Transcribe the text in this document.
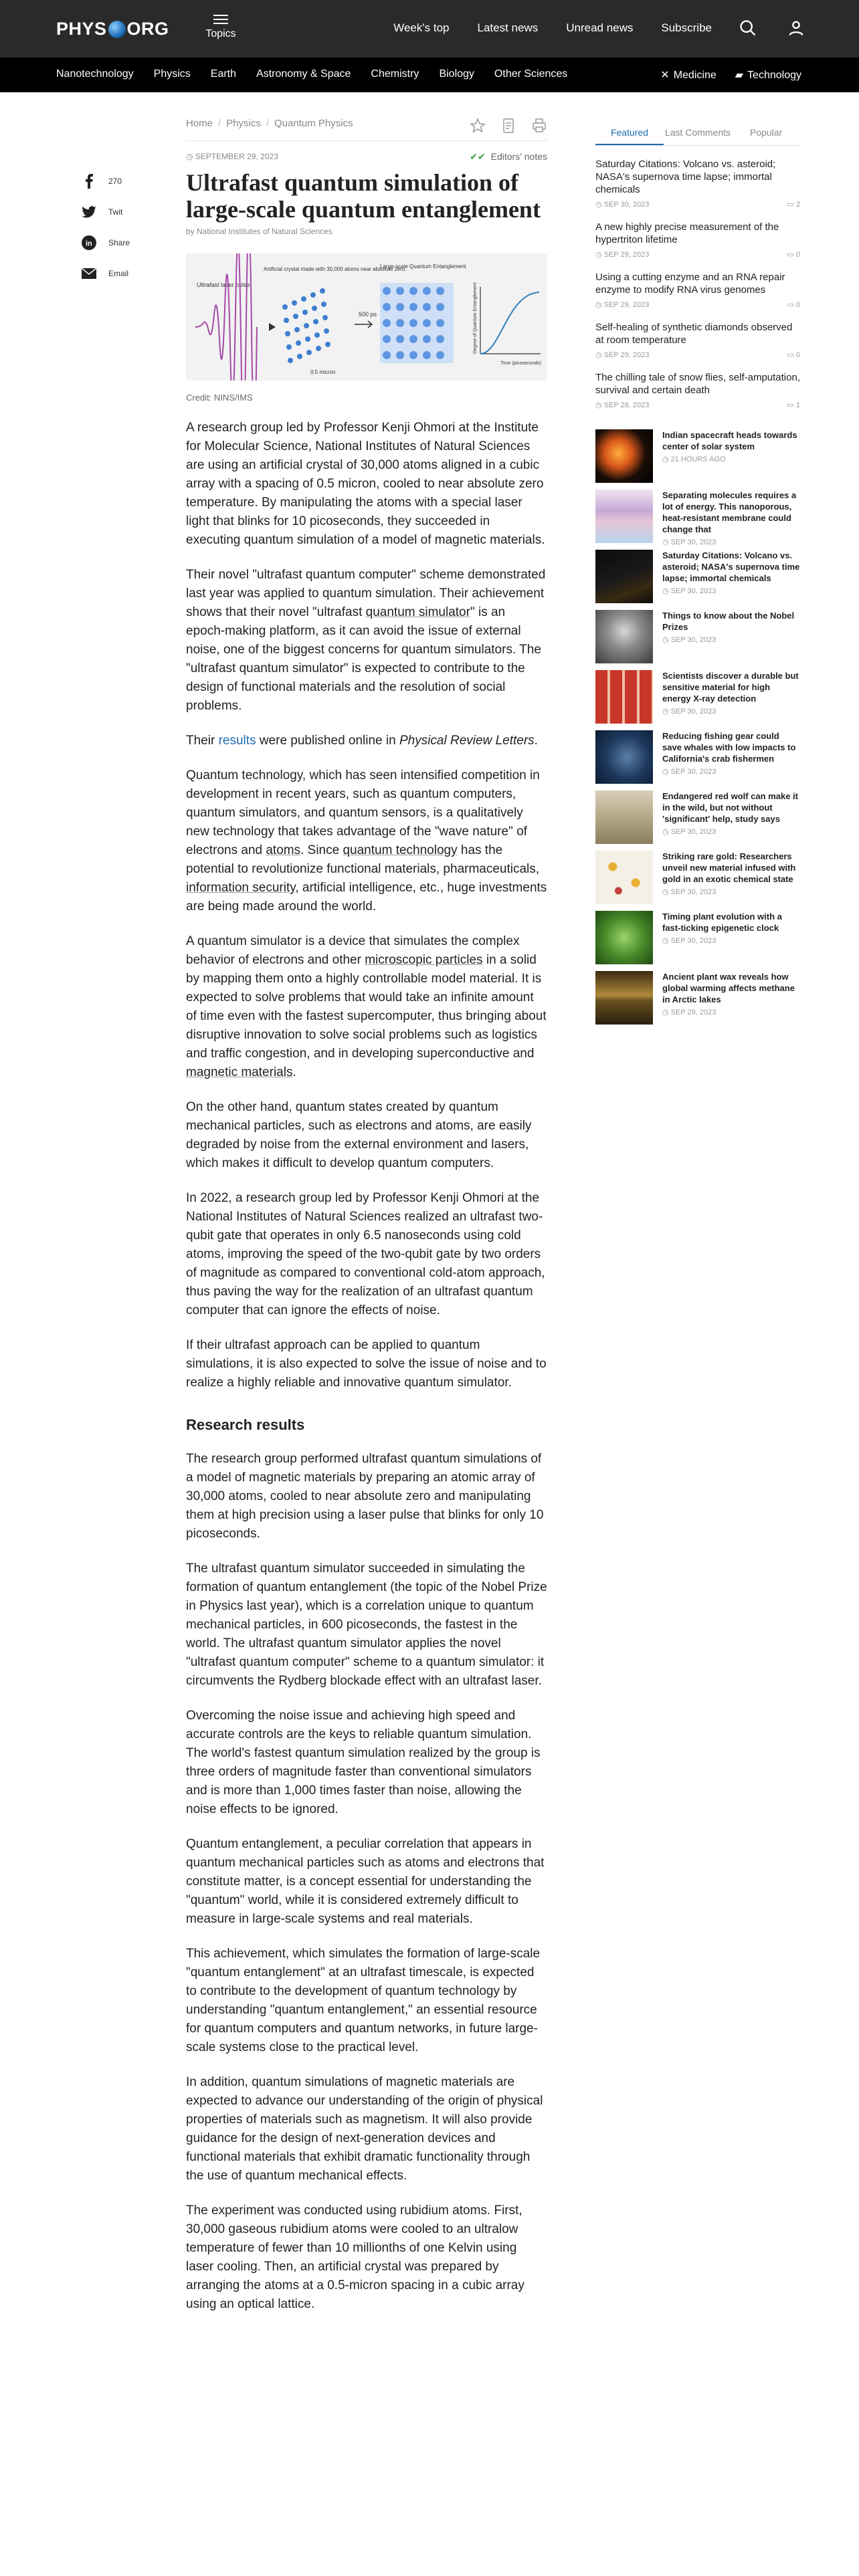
PHYS ORG	Topics	Week's top Latest news Unread news Subscribe
Nanotechnology Physics Earth Astronomy & Space Chemistry Biology Other Sciences	✕ Medicine ▰ Technology
270
Twit
in Share
Email
Home / Physics / Quantum Physics
◷ SEPTEMBER 29, 2023	✔✔ Editors' notes
Ultrafast quantum simulation of large-scale quantum entanglement
by National Institutes of Natural Sciences
Ultrafast laser pulse
Artificial crystal made with 30,000 atoms near absolute zero.
0.5 micron
500 ps
Large-scale Quantum Entanglement
Degree of Quantum Entanglement
Time (picoseconds)
Credit: NINS/IMS

A research group led by Professor Kenji Ohmori at the Institute for Molecular Science, National Institutes of Natural Sciences are using an artificial crystal of 30,000 atoms aligned in a cubic array with a spacing of 0.5 micron, cooled to near absolute zero temperature. By manipulating the atoms with a special laser light that blinks for 10 picoseconds, they succeeded in executing quantum simulation of a model of magnetic materials.

Their novel "ultrafast quantum computer" scheme demonstrated last year was applied to quantum simulation. Their achievement shows that their novel "ultrafast quantum simulator" is an epoch-making platform, as it can avoid the issue of external noise, one of the biggest concerns for quantum simulators. The "ultrafast quantum simulator" is expected to contribute to the design of functional materials and the resolution of social problems.

Their results were published online in Physical Review Letters.

Quantum technology, which has seen intensified competition in development in recent years, such as quantum computers, quantum simulators, and quantum sensors, is a qualitatively new technology that takes advantage of the "wave nature" of electrons and atoms. Since quantum technology has the potential to revolutionize functional materials, pharmaceuticals, information security, artificial intelligence, etc., huge investments are being made around the world.

A quantum simulator is a device that simulates the complex behavior of electrons and other microscopic particles in a solid by mapping them onto a highly controllable model material. It is expected to solve problems that would take an infinite amount of time even with the fastest supercomputer, thus bringing about disruptive innovation to solve social problems such as logistics and traffic congestion, and in developing superconductive and magnetic materials.

On the other hand, quantum states created by quantum mechanical particles, such as electrons and atoms, are easily degraded by noise from the external environment and lasers, which makes it difficult to develop quantum computers.

In 2022, a research group led by Professor Kenji Ohmori at the National Institutes of Natural Sciences realized an ultrafast two-qubit gate that operates in only 6.5 nanoseconds using cold atoms, improving the speed of the two-qubit gate by two orders of magnitude as compared to conventional cold-atom approach, thus paving the way for the realization of an ultrafast quantum computer that can ignore the effects of noise.

If their ultrafast approach can be applied to quantum simulations, it is also expected to solve the issue of noise and to realize a highly reliable and innovative quantum simulator.

Research results

The research group performed ultrafast quantum simulations of a model of magnetic materials by preparing an atomic array of 30,000 atoms, cooled to near absolute zero and manipulating them at high precision using a laser pulse that blinks for only 10 picoseconds.

The ultrafast quantum simulator succeeded in simulating the formation of quantum entanglement (the topic of the Nobel Prize in Physics last year), which is a correlation unique to quantum mechanical particles, in 600 picoseconds, the fastest in the world. The ultrafast quantum simulator applies the novel "ultrafast quantum computer" scheme to a quantum simulator: it circumvents the Rydberg blockade effect with an ultrafast laser.

Overcoming the noise issue and achieving high speed and accurate controls are the keys to reliable quantum simulation. The world's fastest quantum simulation realized by the group is three orders of magnitude faster than conventional simulators and is more than 1,000 times faster than noise, allowing the noise effects to be ignored.

Quantum entanglement, a peculiar correlation that appears in quantum mechanical particles such as atoms and electrons that constitute matter, is a concept essential for understanding the "quantum" world, while it is considered extremely difficult to measure in large-scale systems and real materials.

This achievement, which simulates the formation of large-scale "quantum entanglement" at an ultrafast timescale, is expected to contribute to the development of quantum technology by understanding "quantum entanglement," an essential resource for quantum computers and quantum networks, in future large-scale systems close to the practical level.

In addition, quantum simulations of magnetic materials are expected to advance our understanding of the origin of physical properties of materials such as magnetism. It will also provide guidance for the design of next-generation devices and functional materials that exhibit dramatic functionality through the use of quantum mechanical effects.

The experiment was conducted using rubidium atoms. First, 30,000 gaseous rubidium atoms were cooled to an ultralow temperature of fewer than 10 millionths of one Kelvin using laser cooling. Then, an artificial crystal was prepared by arranging the atoms at a 0.5-micron spacing in a cubic array using an optical lattice.

Featured	Last Comments	Popular
Saturday Citations: Volcano vs. asteroid; NASA's supernova time lapse; immortal chemicals
◷ SEP 30, 2023	▭ 2
A new highly precise measurement of the hypertriton lifetime
◷ SEP 29, 2023	▭ 0
Using a cutting enzyme and an RNA repair enzyme to modify RNA virus genomes
◷ SEP 29, 2023	▭ 0
Self-healing of synthetic diamonds observed at room temperature
◷ SEP 29, 2023	▭ 0
The chilling tale of snow flies, self-amputation, survival and certain death
◷ SEP 28, 2023	▭ 1
Indian spacecraft heads towards center of solar system
◷ 21 HOURS AGO
Separating molecules requires a lot of energy. This nanoporous, heat-resistant membrane could change that
◷ SEP 30, 2023
Saturday Citations: Volcano vs. asteroid; NASA's supernova time lapse; immortal chemicals
◷ SEP 30, 2023
Things to know about the Nobel Prizes
◷ SEP 30, 2023
Scientists discover a durable but sensitive material for high energy X-ray detection
◷ SEP 30, 2023
Reducing fishing gear could save whales with low impacts to California's crab fishermen
◷ SEP 30, 2023
Endangered red wolf can make it in the wild, but not without 'significant' help, study says
◷ SEP 30, 2023
Striking rare gold: Researchers unveil new material infused with gold in an exotic chemical state
◷ SEP 30, 2023
Timing plant evolution with a fast-ticking epigenetic clock
◷ SEP 30, 2023
Ancient plant wax reveals how global warming affects methane in Arctic lakes
◷ SEP 29, 2023
